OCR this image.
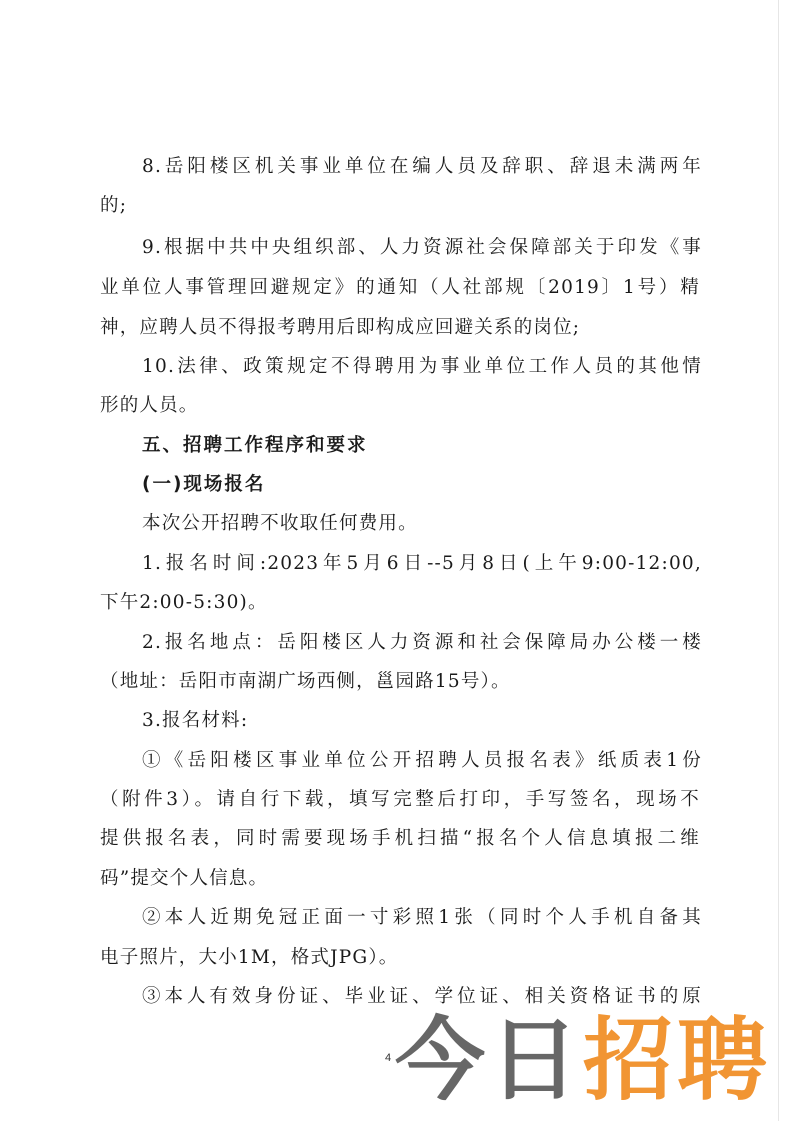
8.岳阳楼区机关事业单位在编人员及辞职、辞退未满两年
的;
9.根据中共中央组织部、人力资源社会保障部关于印发《事
业单位人事管理回避规定》的通知（人社部规〔2019〕1号）精
神，应聘人员不得报考聘用后即构成应回避关系的岗位;
10.法律、政策规定不得聘用为事业单位工作人员的其他情
形的人员。
五、招聘工作程序和要求
(一)现场报名
本次公开招聘不收取任何费用。
1.报名时间:2023年5月6日--5月8日(上午9:00-12:00,
下午2:00-5:30)。
2.报名地点：岳阳楼区人力资源和社会保障局办公楼一楼
（地址：岳阳市南湖广场西侧，邕园路15号）。
3.报名材料:
①《岳阳楼区事业单位公开招聘人员报名表》纸质表1份
（附件3）。请自行下载，填写完整后打印，手写签名，现场不
提供报名表，同时需要现场手机扫描“报名个人信息填报二维
码”提交个人信息。
②本人近期免冠正面一寸彩照1张（同时个人手机自备其
电子照片，大小1M，格式JPG）。
③本人有效身份证、毕业证、学位证、相关资格证书的原
4 今日招聘
